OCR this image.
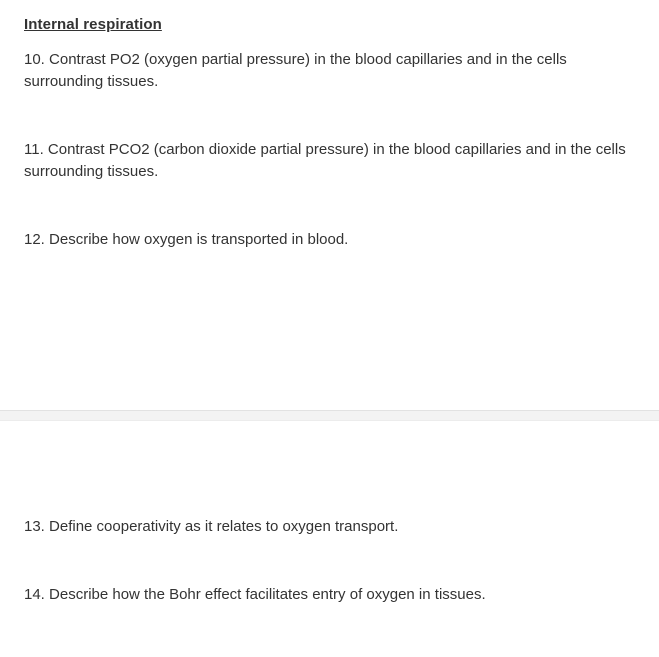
Internal respiration
10. Contrast PO2 (oxygen partial pressure) in the blood capillaries and in the cells surrounding tissues.
11. Contrast PCO2 (carbon dioxide partial pressure) in the blood capillaries and in the cells surrounding tissues.
12. Describe how oxygen is transported in blood.
13. Define cooperativity as it relates to oxygen transport.
14. Describe how the Bohr effect facilitates entry of oxygen in tissues.
